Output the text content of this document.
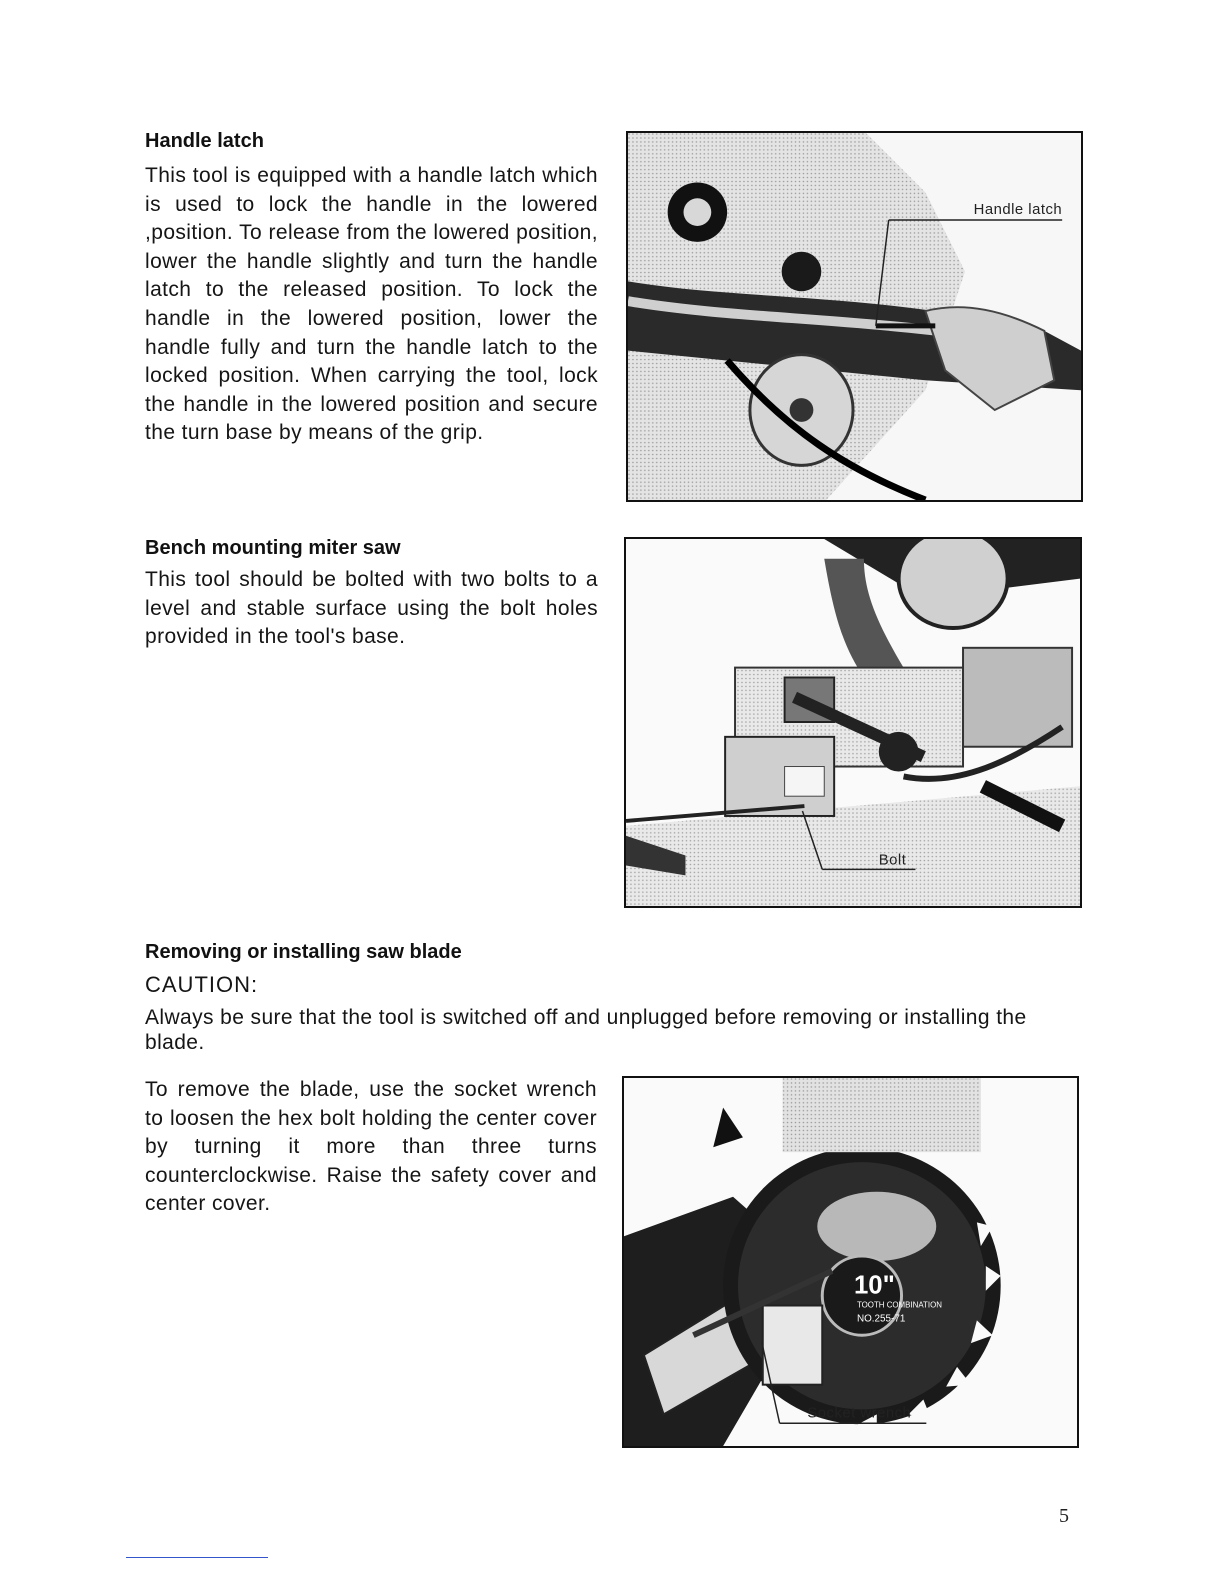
Handle latch

This tool is equipped with a handle latch which is used to lock the handle in the lowered ,position. To release from the lowered position, lower the handle slightly and turn the handle latch to the released position. To lock the handle in the lowered position, lower the handle fully and turn the handle latch to the locked position. When carrying the tool, lock the handle in the lowered position and secure the turn base by means of the grip.

Handle latch
Bench mounting miter saw

This tool should be bolted with two bolts to a level and stable surface using the bolt holes provided in the tool's base.

Bolt
Removing or installing saw blade

CAUTION:

Always be sure that the tool is switched off and unplugged before removing or installing the blade.

To remove the blade, use the socket wrench to loosen the hex bolt holding the center cover by turning it more than three turns counterclockwise. Raise the safety cover and center cover.

10"
TOOTH COMBINATION
NO.255-71
Socket wrench
5
